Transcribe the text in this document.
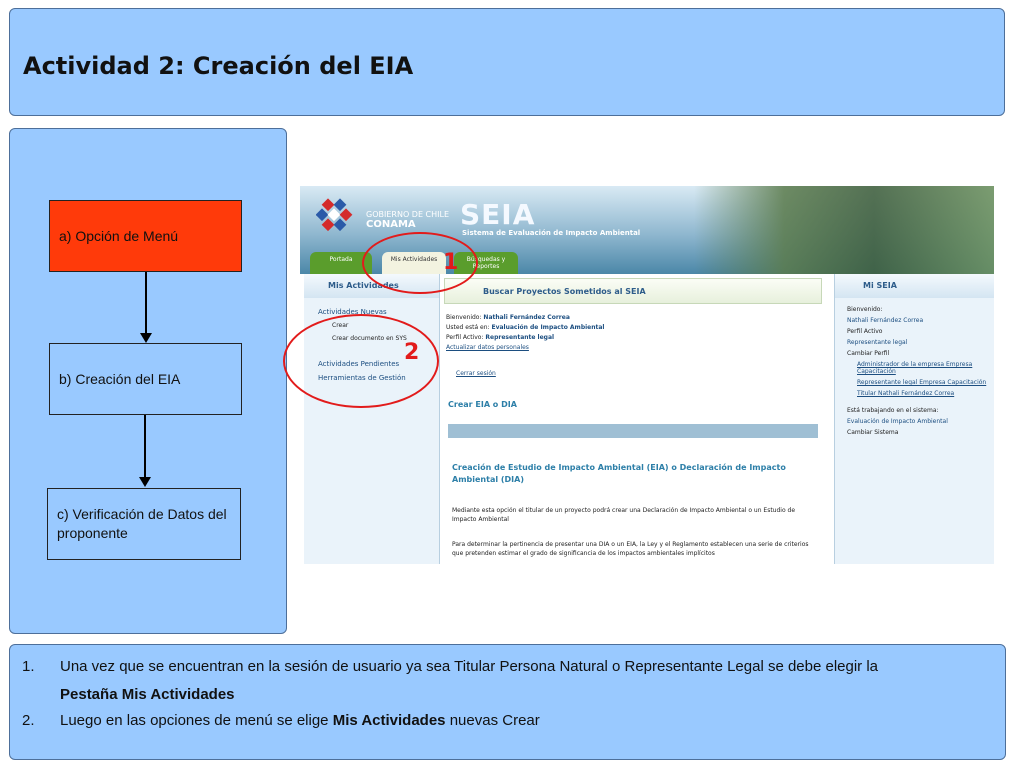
Actividad 2: Creación del EIA
a) Opción de Menú
b) Creación del EIA
c) Verificación de Datos del proponente
GOBIERNO DE CHILE
CONAMA	SEIA
Sistema de Evaluación de Impacto Ambiental
Portada	Mis Actividades	Búsquedas y Reportes
Mis Actividades
Actividades Nuevas
Crear
Crear documento en SYS
Actividades Pendientes
Herramientas de Gestión
Buscar Proyectos Sometidos al SEIA
Bienvenido: Nathali Fernández Correa
Usted está en: Evaluación de Impacto Ambiental
Perfil Activo: Representante legal
Actualizar datos personales
Cerrar sesión
Crear EIA o DIA
Creación de Estudio de Impacto Ambiental (EIA) o Declaración de Impacto Ambiental (DIA)
Mediante esta opción el titular de un proyecto podrá crear una Declaración de Impacto Ambiental o un Estudio de Impacto Ambiental
Para determinar la pertinencia de presentar una DIA o un EIA, la Ley y el Reglamento establecen una serie de criterios que pretenden estimar el grado de significancia de los impactos ambientales implícitos
Mi SEIA
Bienvenido:
Nathali Fernández Correa
Perfil Activo
Representante legal
Cambiar Perfil
Administrador de la empresa Empresa Capacitación
Representante legal Empresa Capacitación
Titular Nathali Fernández Correa
Está trabajando en el sistema:
Evaluación de Impacto Ambiental
Cambiar Sistema
1
2
1. Una vez que se encuentran en la sesión de usuario ya sea Titular Persona Natural o Representante Legal se debe elegir la
Pestaña Mis Actividades
2. Luego en las opciones de menú se elige Mis Actividades nuevas Crear
